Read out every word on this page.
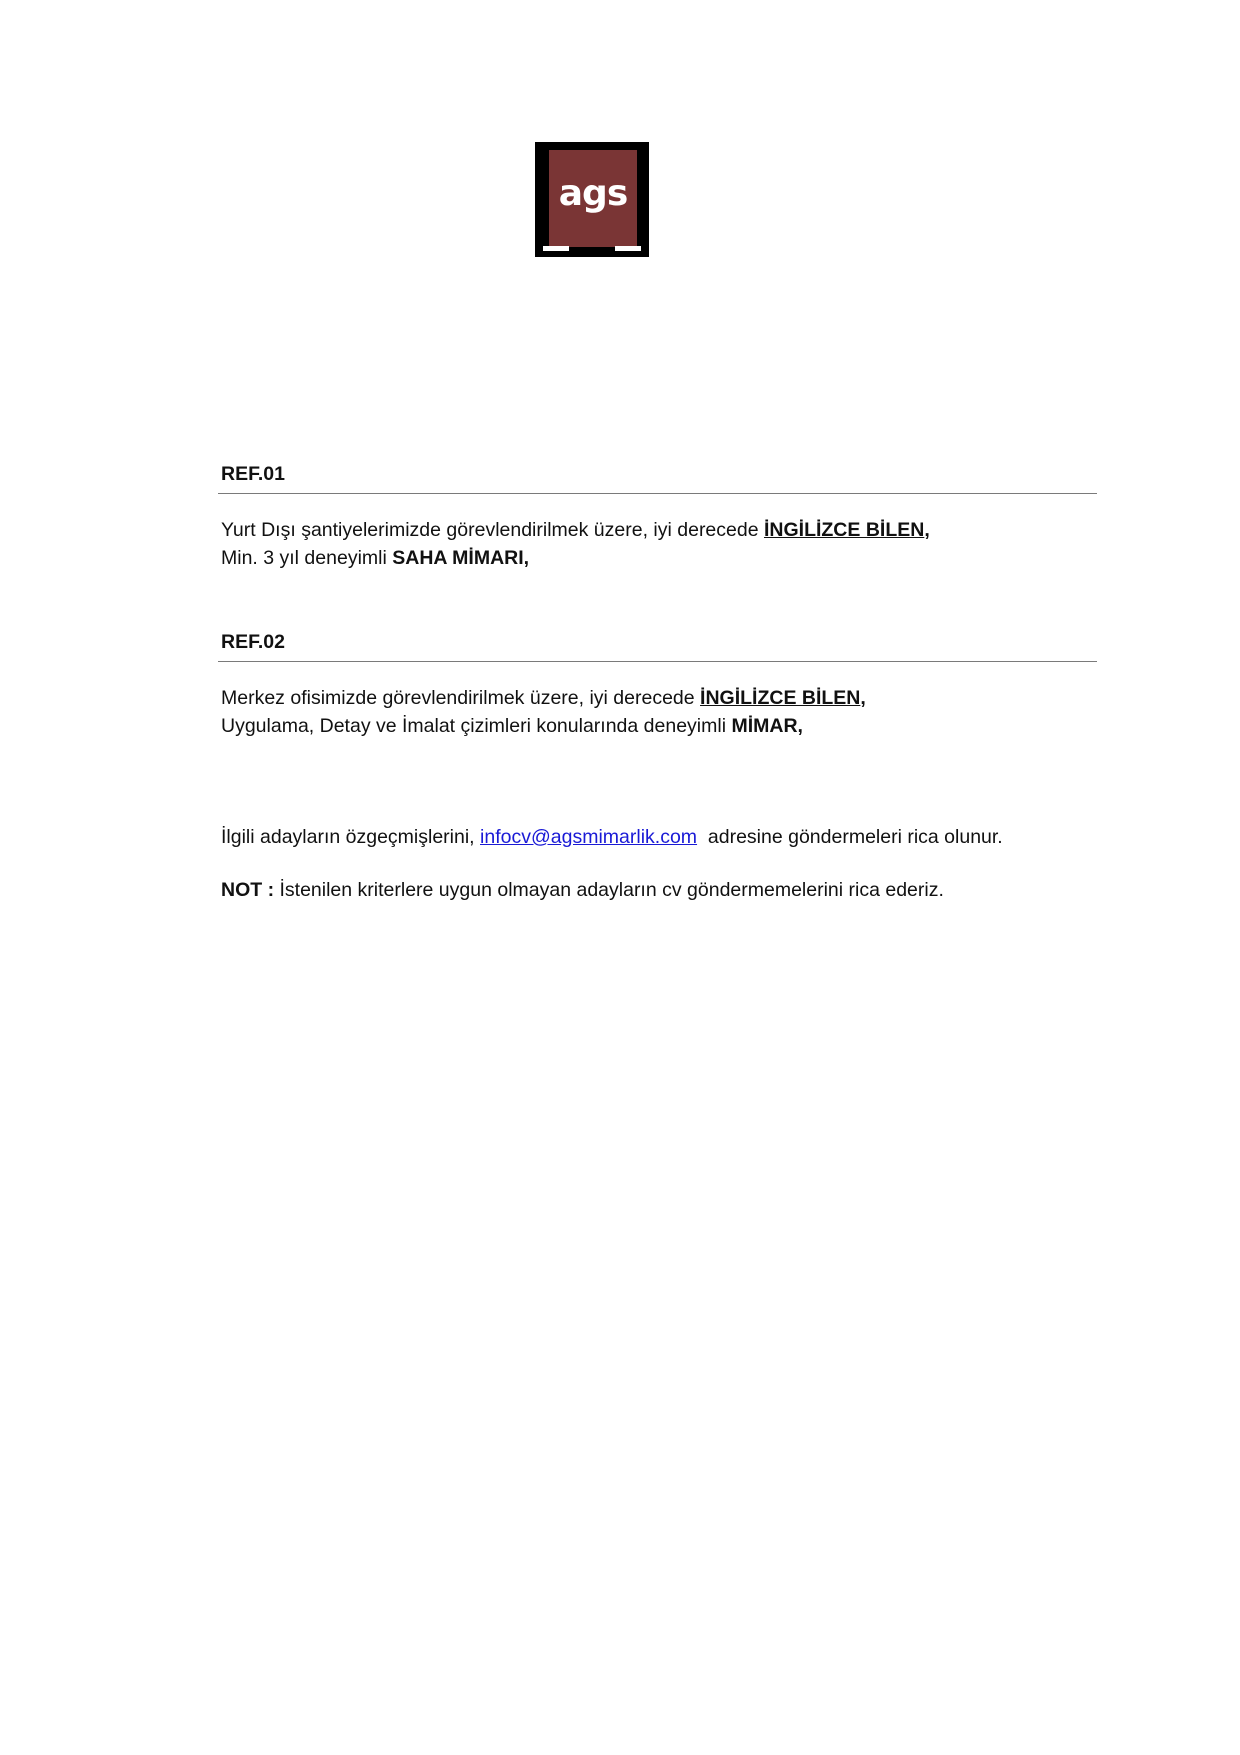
ags
REF.01
Yurt Dışı şantiyelerimizde görevlendirilmek üzere, iyi derecede İNGİLİZCE BİLEN,
Min. 3 yıl deneyimli SAHA MİMARI,
REF.02
Merkez ofisimizde görevlendirilmek üzere, iyi derecede İNGİLİZCE BİLEN,
Uygulama, Detay ve İmalat çizimleri konularında deneyimli MİMAR,
İlgili adayların özgeçmişlerini, infocv@agsmimarlik.com  adresine göndermeleri rica olunur.
NOT : İstenilen kriterlere uygun olmayan adayların cv göndermemelerini rica ederiz.
